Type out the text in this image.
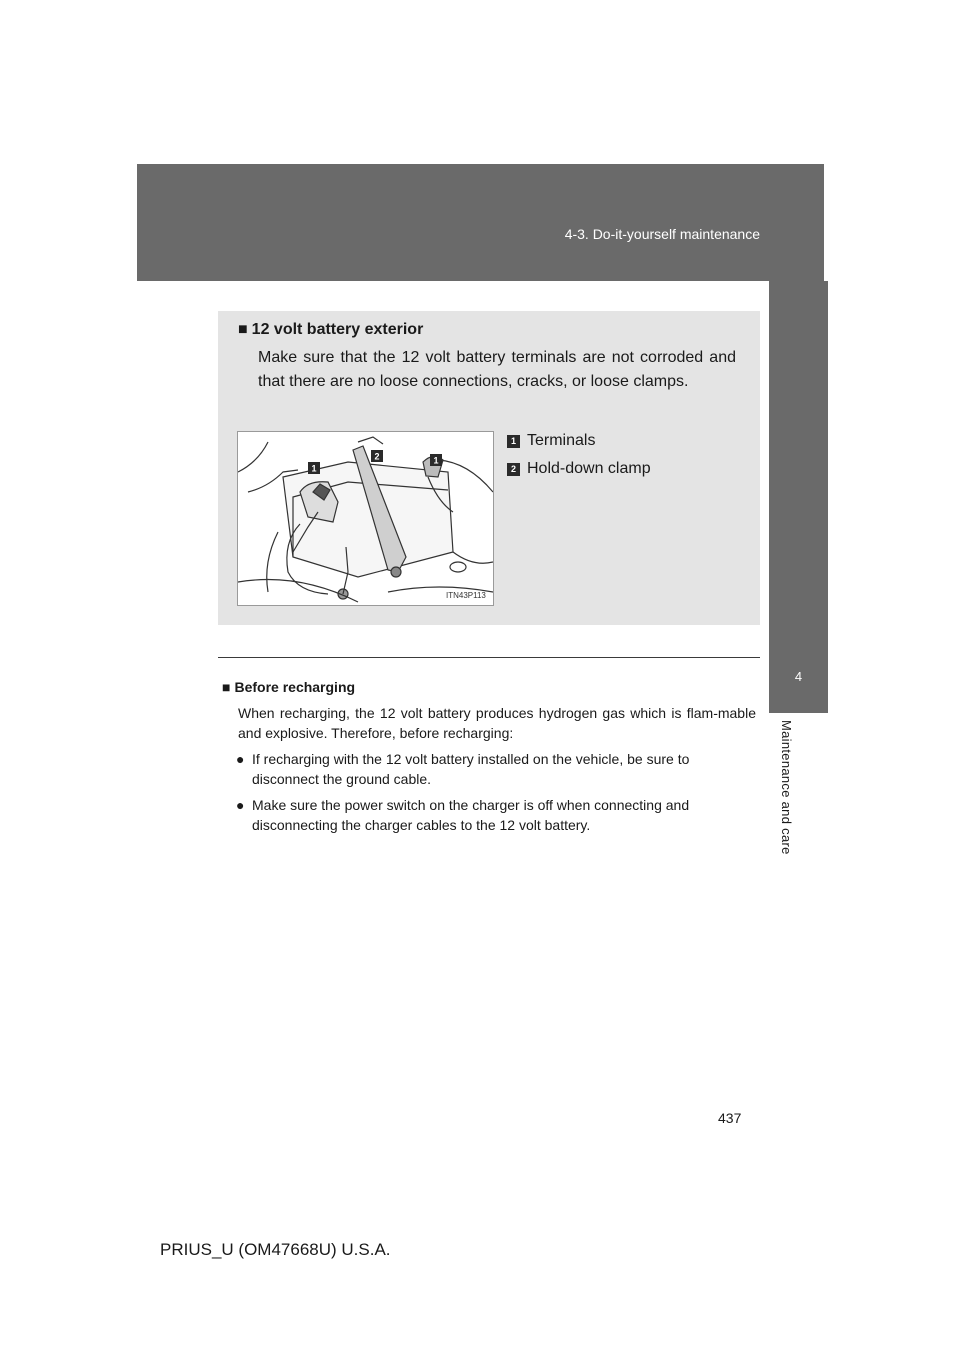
4-3. Do-it-yourself maintenance
4
Maintenance and care
■ 12 volt battery exterior
Make sure that the 12 volt battery terminals are not corroded and that there are no loose connections, cracks, or loose clamps.
1
2	1
ITN43P113
1 Terminals
2 Hold-down clamp
■ Before recharging
When recharging, the 12 volt battery produces hydrogen gas which is flam-mable and explosive. Therefore, before recharging:
● If recharging with the 12 volt battery installed on the vehicle, be sure to disconnect the ground cable.
● Make sure the power switch on the charger is off when connecting and disconnecting the charger cables to the 12 volt battery.
437
PRIUS_U (OM47668U) U.S.A.
